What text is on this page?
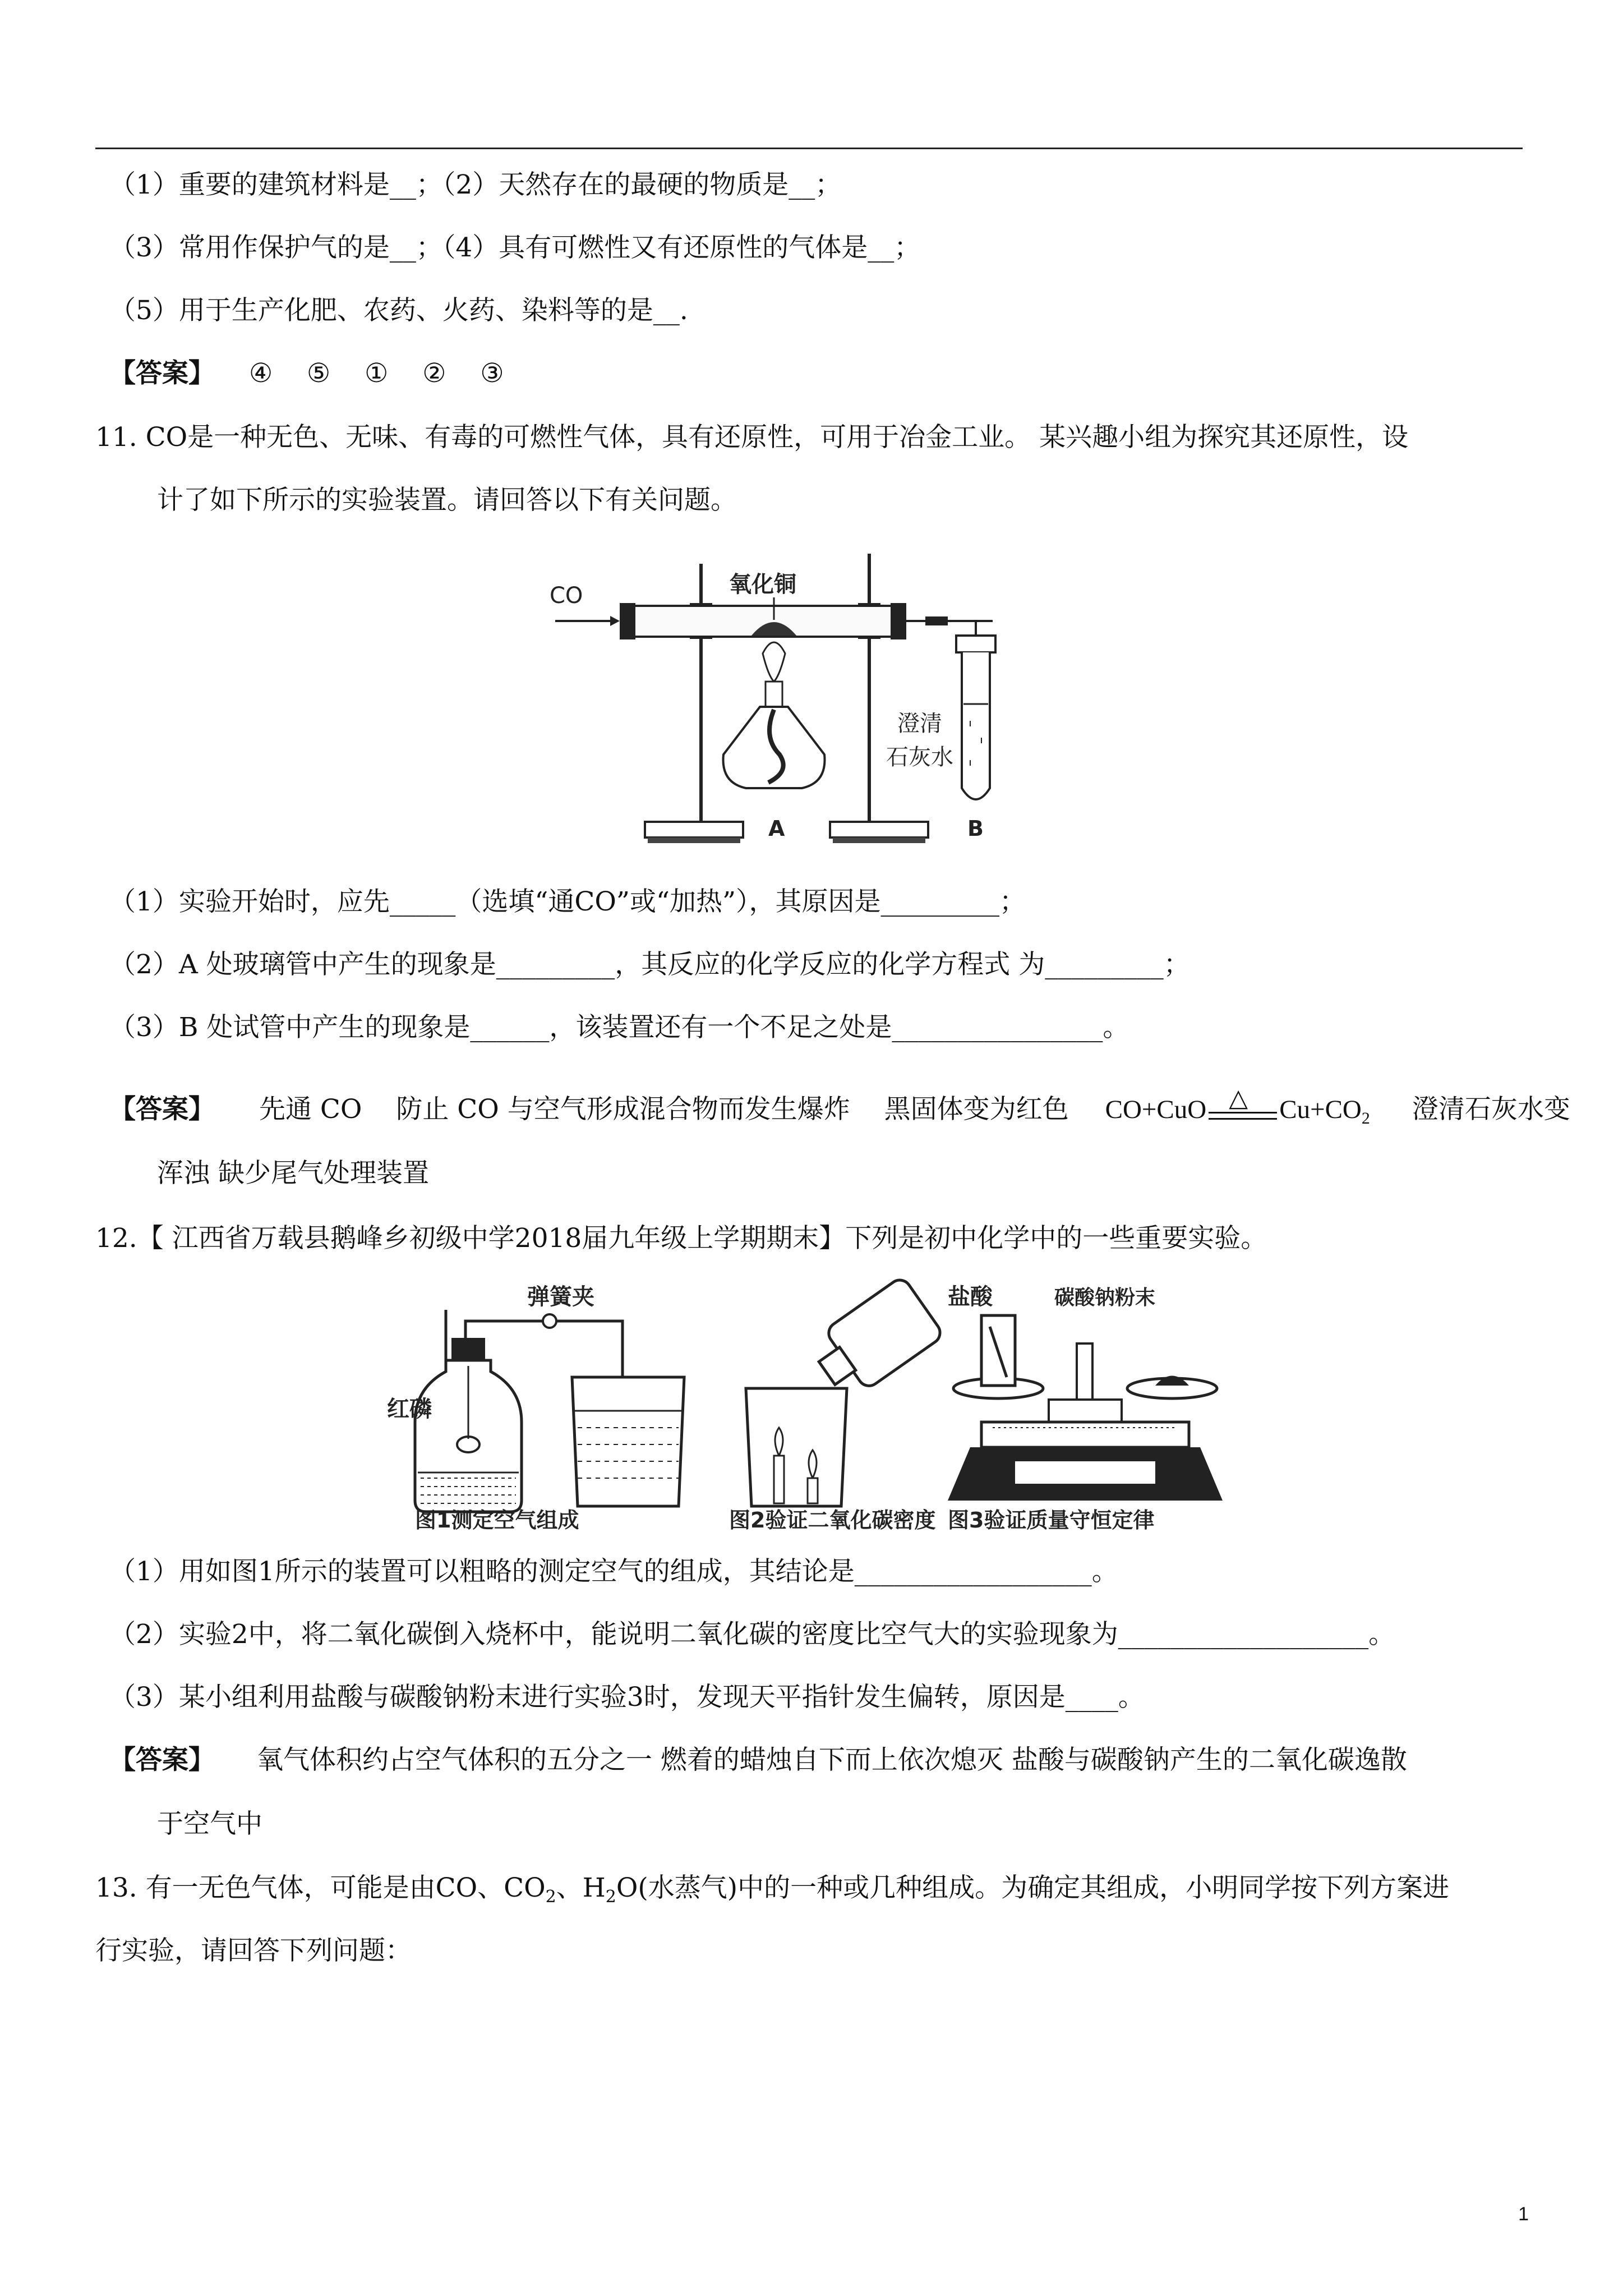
（1）重要的建筑材料是__；（2）天然存在的最硬的物质是__；
（3）常用作保护气的是__；（4）具有可燃性又有还原性的气体是__；
（5）用于生产化肥、农药、火药、染料等的是__.
【答案】 ④ ⑤ ① ② ③
11. CO是一种无色、无味、有毒的可燃性气体，具有还原性，可用于冶金工业。 某兴趣小组为探究其还原性，设
计了如下所示的实验装置。请回答以下有关问题。
CO	氧化铜
A
澄清
石灰水
B
（1）实验开始时，应先_____（选填“通CO”或“加热”），其原因是_________；
（2）A 处玻璃管中产生的现象是_________，其反应的化学反应的化学方程式 为_________；
（3）B 处试管中产生的现象是______，该装置还有一个不足之处是________________。
【答案】 先通 CO 防止 CO 与空气形成混合物而发生爆炸 黑固体变为红色 CO+CuO △ $Cu+CO_2$ 澄清石灰水变
浑浊 缺少尾气处理装置
12.【 江西省万载县鹅峰乡初级中学2018届九年级上学期期末】下列是初中化学中的一些重要实验。
弹簧夹
红磷
图1测定空气组成	图2验证二氧化碳密度
盐酸	碳酸钠粉末
图3验证质量守恒定律
（1）用如图1所示的装置可以粗略的测定空气的组成，其结论是__________________。
（2）实验2中，将二氧化碳倒入烧杯中，能说明二氧化碳的密度比空气大的实验现象为___________________。
（3）某小组利用盐酸与碳酸钠粉末进行实验3时，发现天平指针发生偏转，原因是____。
【答案】 氧气体积约占空气体积的五分之一 燃着的蜡烛自下而上依次熄灭 盐酸与碳酸钠产生的二氧化碳逸散
于空气中
13. 有一无色气体，可能是由CO、$CO_2$、$H_2O$(水蒸气)中的一种或几种组成。为确定其组成，小明同学按下列方案进
行实验，请回答下列问题：
1
